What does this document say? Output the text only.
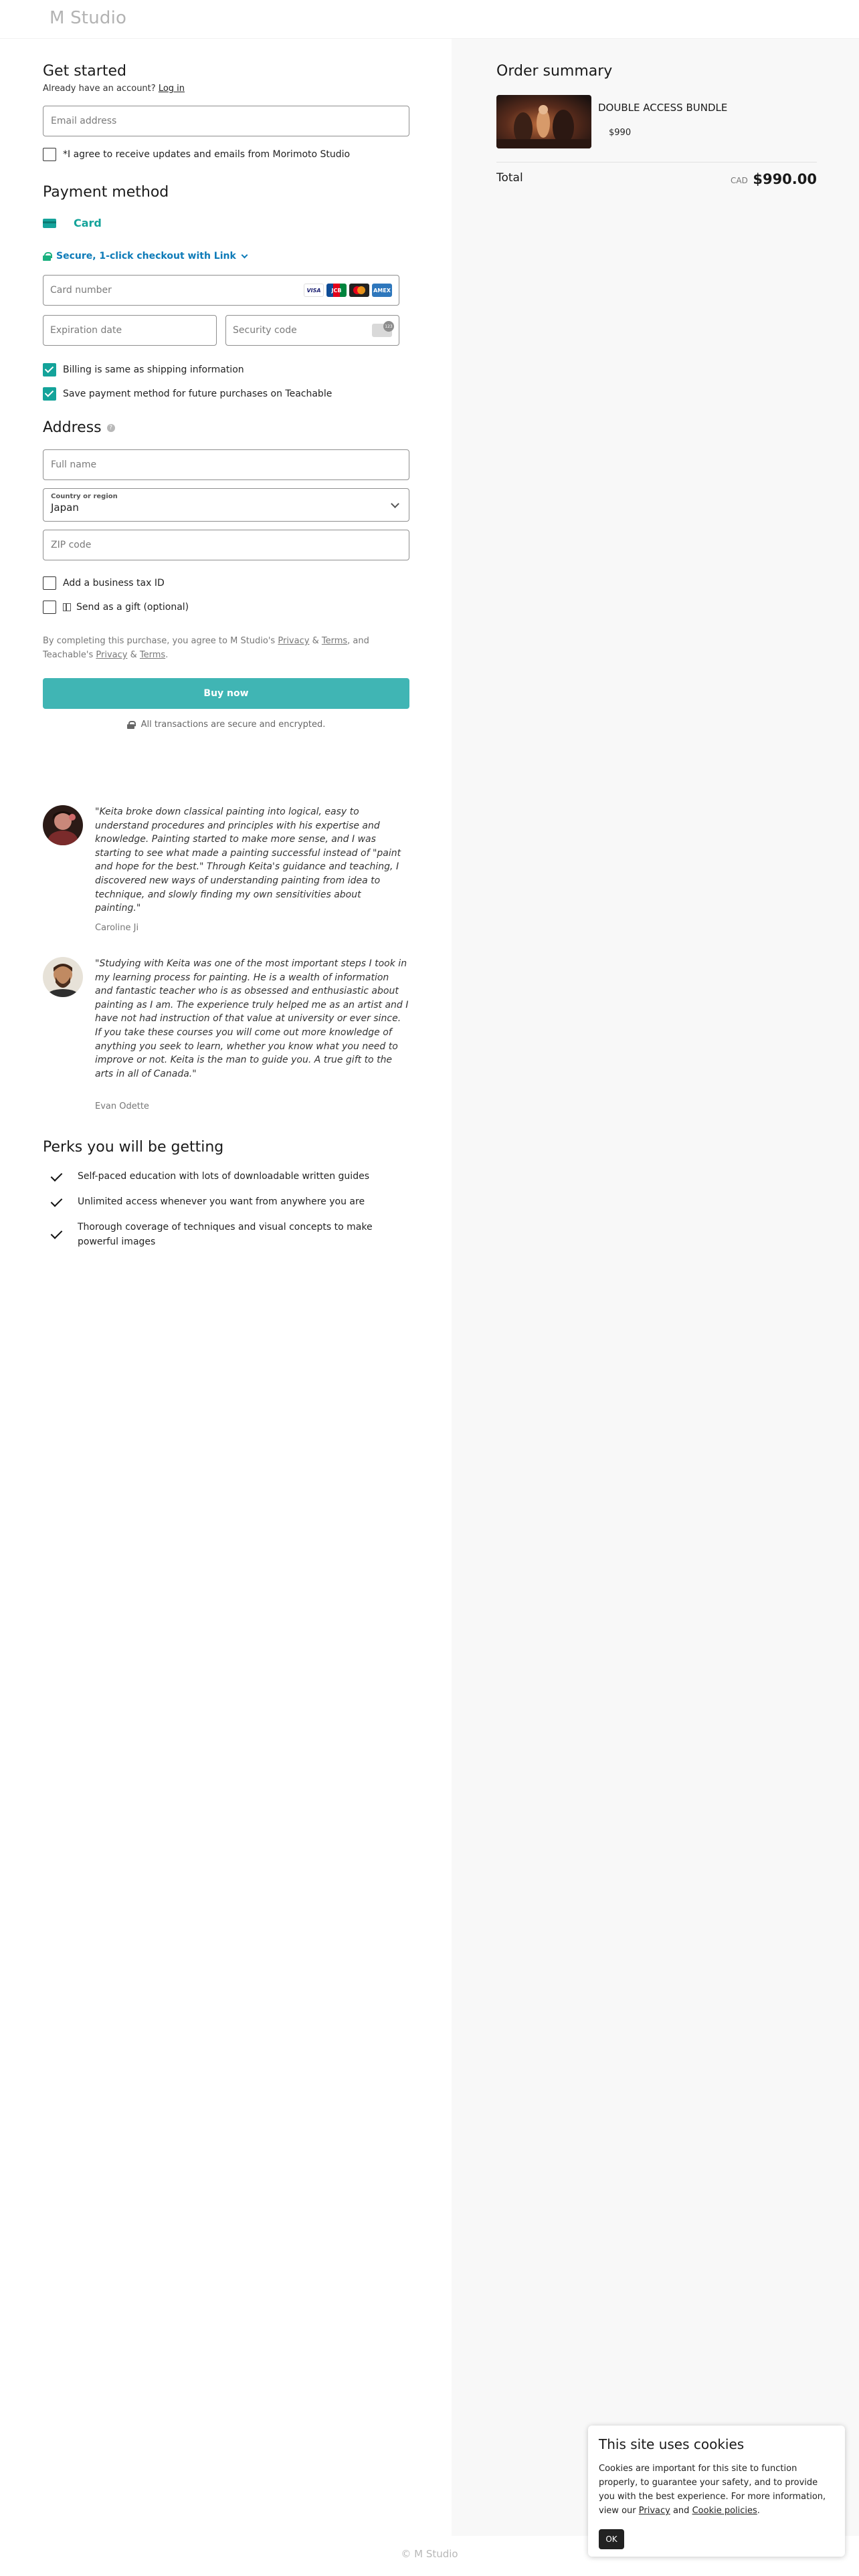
M Studio
Get started
Already have an account? Log in
Email address
*I agree to receive updates and emails from Morimoto Studio
Payment method
Card
Secure, 1-click checkout with Link
Card number	VISA	JCB	AMEX
Expiration date	Security code
123
Billing is same as shipping information
Save payment method for future purchases on Teachable
Address ?
Full name
Country or region
Japan
ZIP code
Add a business tax ID
Send as a gift (optional)
By completing this purchase, you agree to M Studio's Privacy & Terms, and
Teachable's Privacy & Terms.
Buy now
All transactions are secure and encrypted.
"Keita broke down classical painting into logical, easy to understand procedures and principles with his expertise and knowledge. Painting started to make more sense, and I was starting to see what made a painting successful instead of "paint and hope for the best." Through Keita's guidance and teaching, I discovered new ways of understanding painting from idea to technique, and slowly finding my own sensitivities about painting."
Caroline Ji
"Studying with Keita was one of the most important steps I took in my learning process for painting. He is a wealth of information and fantastic teacher who is as obsessed and enthusiastic about painting as I am. The experience truly helped me as an artist and I have not had instruction of that value at university or ever since. If you take these courses you will come out more knowledge of anything you seek to learn, whether you know what you need to improve or not. Keita is the man to guide you. A true gift to the arts in all of Canada."
Evan Odette
Perks you will be getting
Self-paced education with lots of downloadable written guides
Unlimited access whenever you want from anywhere you are
Thorough coverage of techniques and visual concepts to make powerful images
Order summary
DOUBLE ACCESS BUNDLE
$990
Total	CAD $990.00
© M Studio
This site uses cookies
Cookies are important for this site to function properly, to guarantee your safety, and to provide you with the best experience. For more information, view our Privacy and Cookie policies.
OK
